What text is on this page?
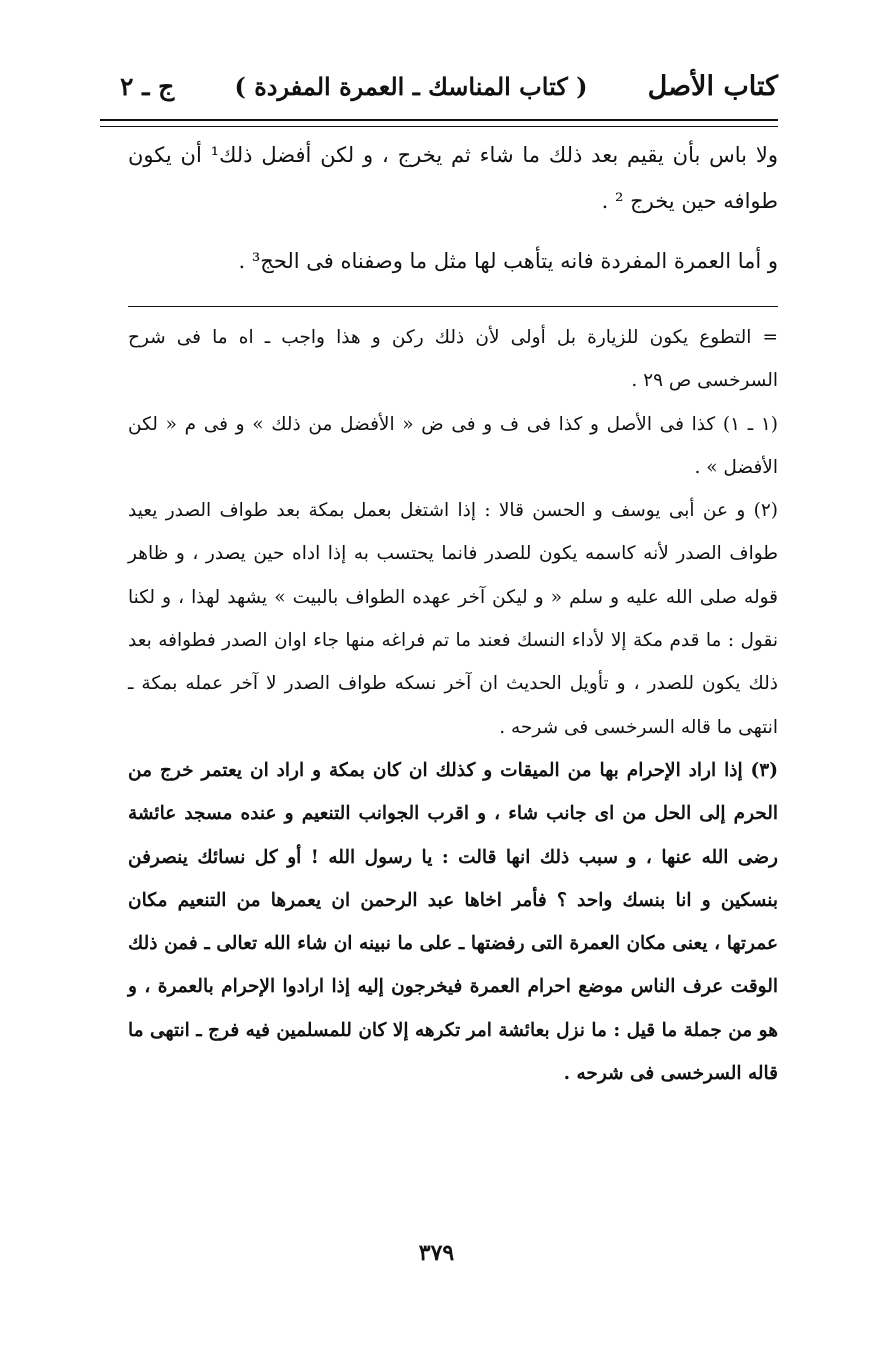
كتاب الأصل
( كتاب المناسك ـ العمرة المفردة )
ج ـ ٢

ولا باس بأن يقيم بعد ذلك ما شاء ثم يخرج ، و لكن أفضل ذلك¹ أن يكون طوافه حين يخرج ² .

و أما العمرة المفردة فانه يتأهب لها مثل ما وصفناه فى الحج³ .

= التطوع يكون للزيارة بل أولى لأن ذلك ركن و هذا واجب ـ اه ما فى شرح السرخسى ص ٢٩ .

(١ ـ ١) كذا فى الأصل و كذا فى ف و فى ض « الأفضل من ذلك » و فى م « لكن الأفضل » .

(٢) و عن أبى يوسف و الحسن قالا : إذا اشتغل بعمل بمكة بعد طواف الصدر يعيد طواف الصدر لأنه كاسمه يكون للصدر فانما يحتسب به إذا اداه حين يصدر ، و ظاهر قوله صلى الله عليه و سلم « و ليكن آخر عهده الطواف بالبيت » يشهد لهذا ، و لكنا نقول : ما قدم مكة إلا لأداء النسك فعند ما تم فراغه منها جاء اوان الصدر فطوافه بعد ذلك يكون للصدر ، و تأويل الحديث ان آخر نسكه طواف الصدر لا آخر عمله بمكة ـ انتهى ما قاله السرخسى فى شرحه .

(٣) إذا اراد الإحرام بها من الميقات و كذلك ان كان بمكة و اراد ان يعتمر خرج من الحرم إلى الحل من اى جانب شاء ، و اقرب الجوانب التنعيم و عنده مسجد عائشة رضى الله عنها ، و سبب ذلك انها قالت : يا رسول الله ! أو كل نسائك ينصرفن بنسكين و انا بنسك واحد ؟ فأمر اخاها عبد الرحمن ان يعمرها من التنعيم مكان عمرتها ، يعنى مكان العمرة التى رفضتها ـ على ما نبينه ان شاء الله تعالى ـ فمن ذلك الوقت عرف الناس موضع احرام العمرة فيخرجون إليه إذا ارادوا الإحرام بالعمرة ، و هو من جملة ما قيل : ما نزل بعائشة امر تكرهه إلا كان للمسلمين فيه فرج ـ انتهى ما قاله السرخسى فى شرحه .

٣٧٩
